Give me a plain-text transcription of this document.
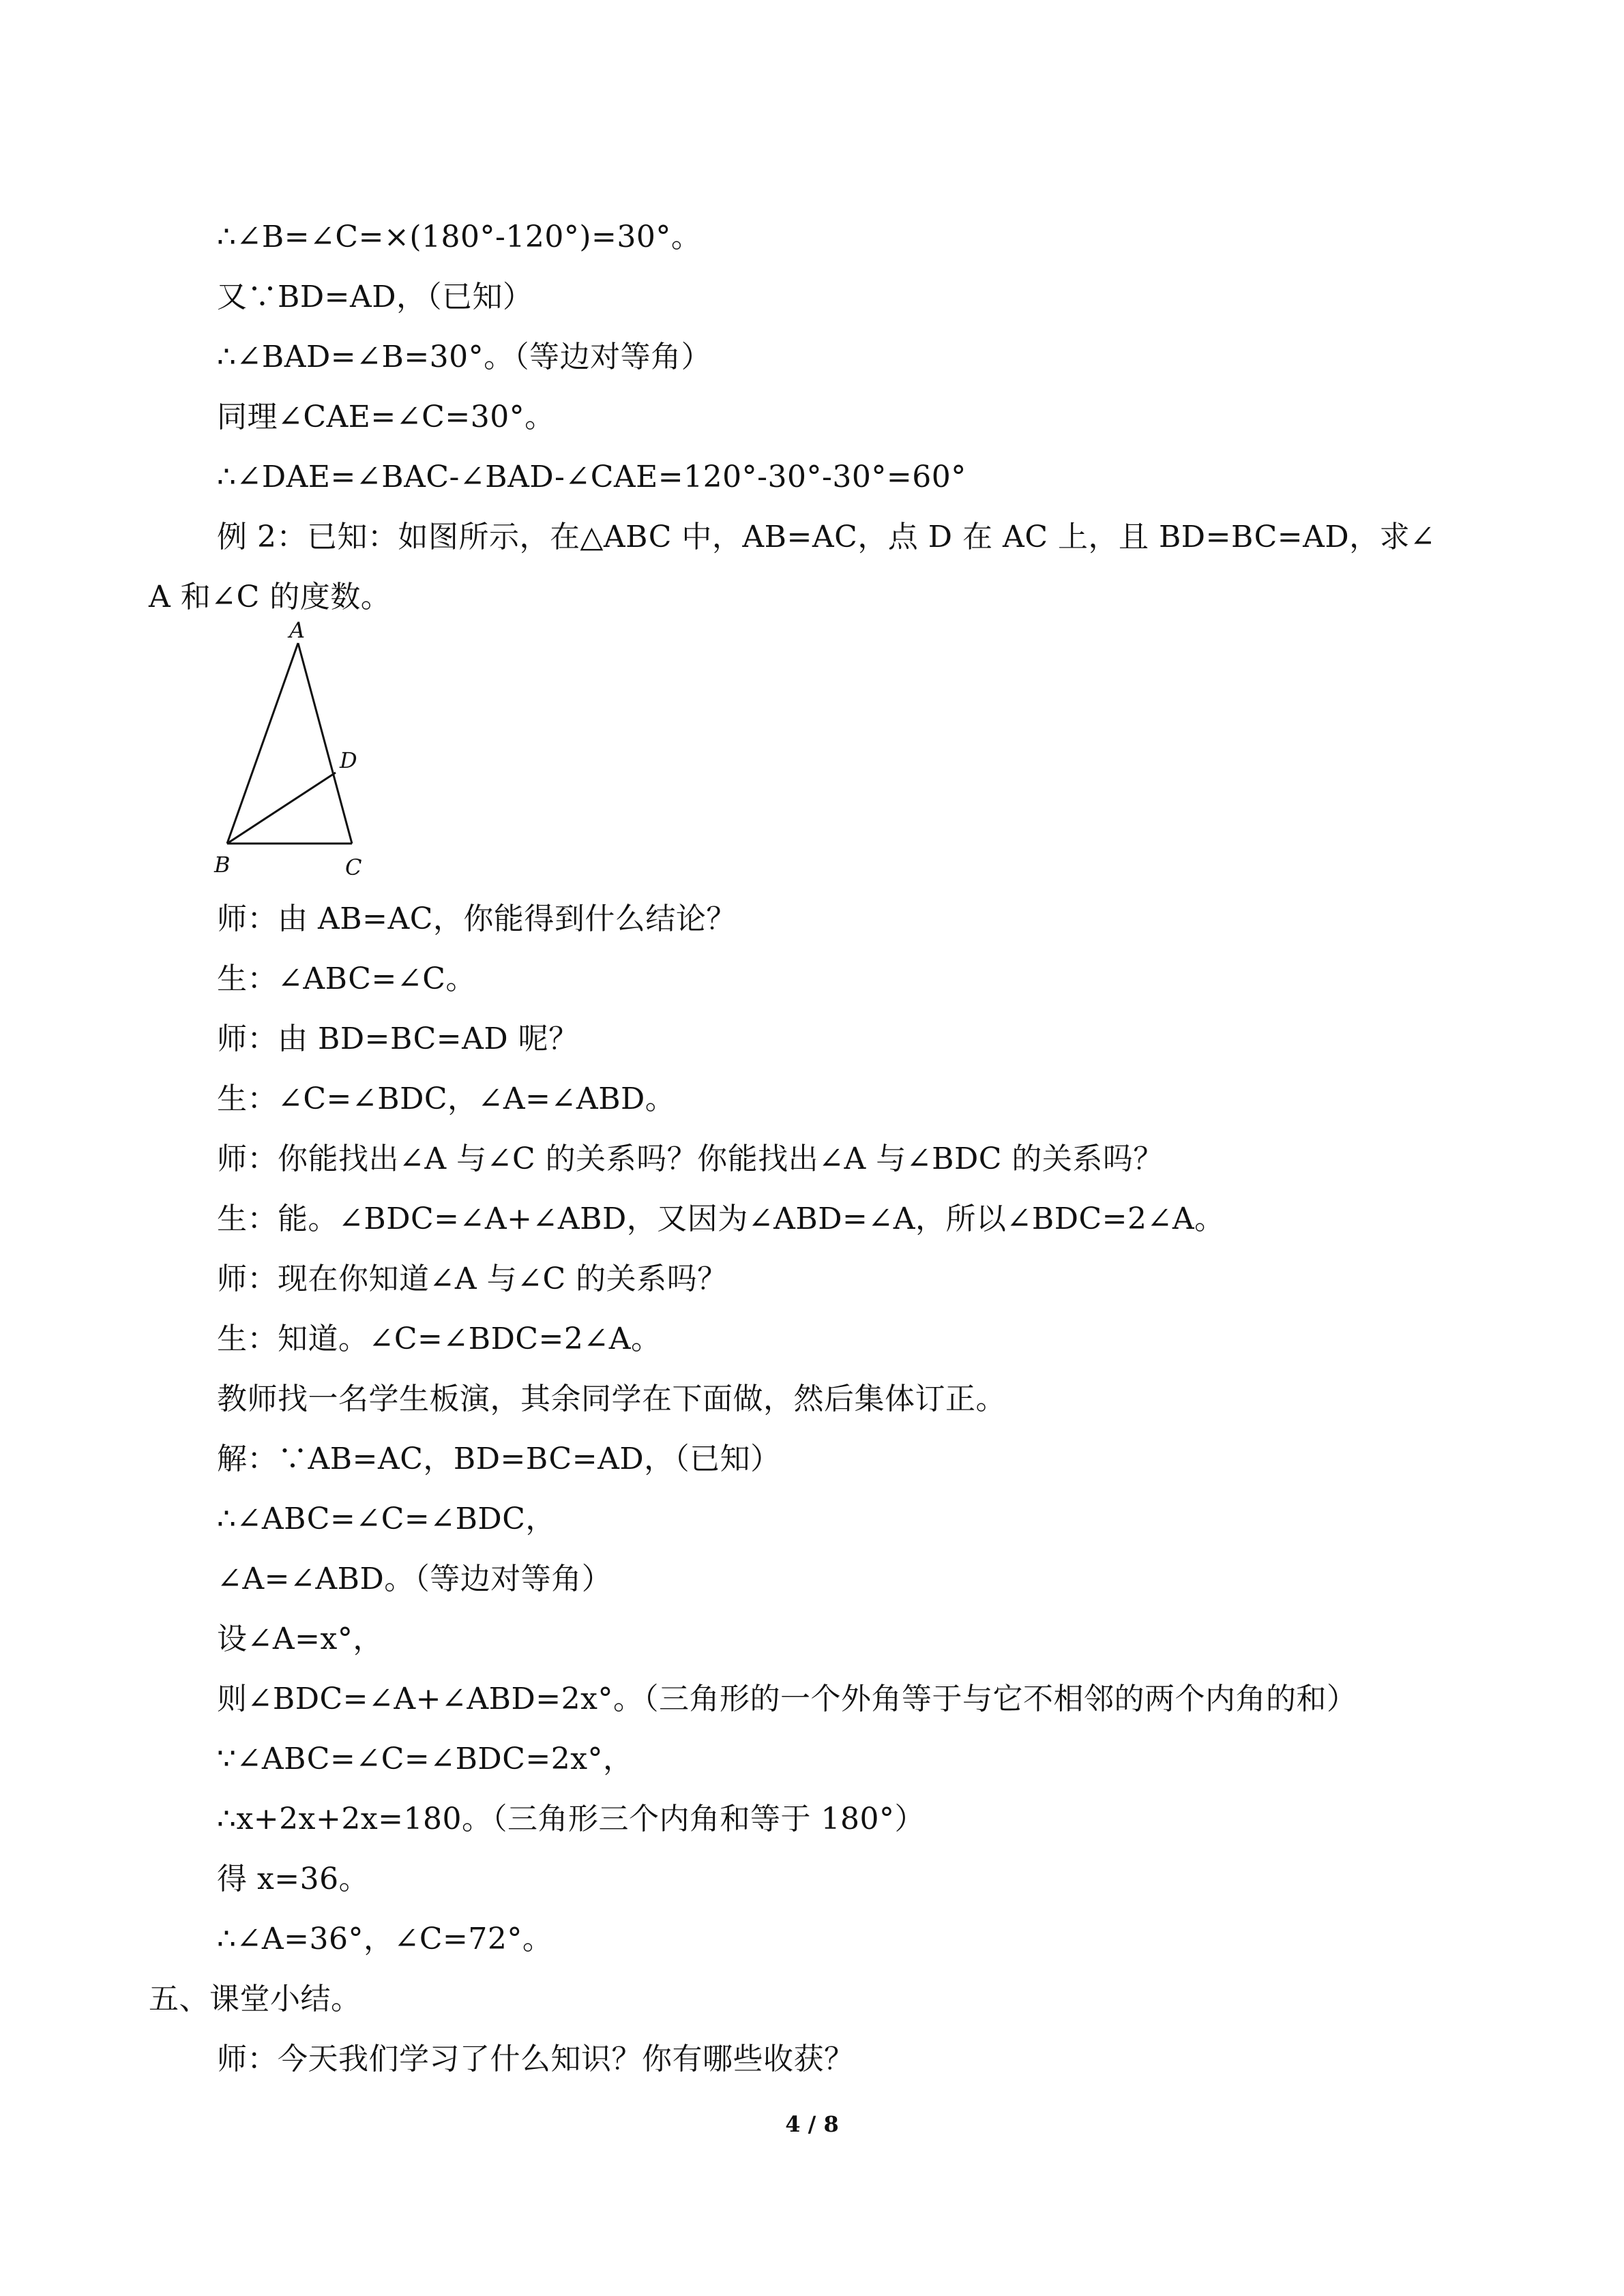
∴∠B=∠C=×(180°-120°)=30°。
又∵BD=AD，（已知）
∴∠BAD=∠B=30°。（等边对等角）
同理∠CAE=∠C=30°。
∴∠DAE=∠BAC-∠BAD-∠CAE=120°-30°-30°=60°
例 2：已知：如图所示，在△ABC 中，AB=AC，点 D 在 AC 上，且 BD=BC=AD，求∠
A 和∠C 的度数。
A
B	C
D
师：由 AB=AC，你能得到什么结论？
生：∠ABC=∠C。
师：由 BD=BC=AD 呢？
生：∠C=∠BDC，∠A=∠ABD。
师：你能找出∠A 与∠C 的关系吗？你能找出∠A 与∠BDC 的关系吗？
生：能。∠BDC=∠A+∠ABD，又因为∠ABD=∠A，所以∠BDC=2∠A。
师：现在你知道∠A 与∠C 的关系吗？
生：知道。∠C=∠BDC=2∠A。
教师找一名学生板演，其余同学在下面做，然后集体订正。
解：∵AB=AC，BD=BC=AD，（已知）
∴∠ABC=∠C=∠BDC，
∠A=∠ABD。（等边对等角）
设∠A=x°，
则∠BDC=∠A+∠ABD=2x°。（三角形的一个外角等于与它不相邻的两个内角的和）
∵∠ABC=∠C=∠BDC=2x°，
∴x+2x+2x=180。（三角形三个内角和等于 180°）
得 x=36。
∴∠A=36°，∠C=72°。
五、课堂小结。
师：今天我们学习了什么知识？你有哪些收获？
4 / 8
